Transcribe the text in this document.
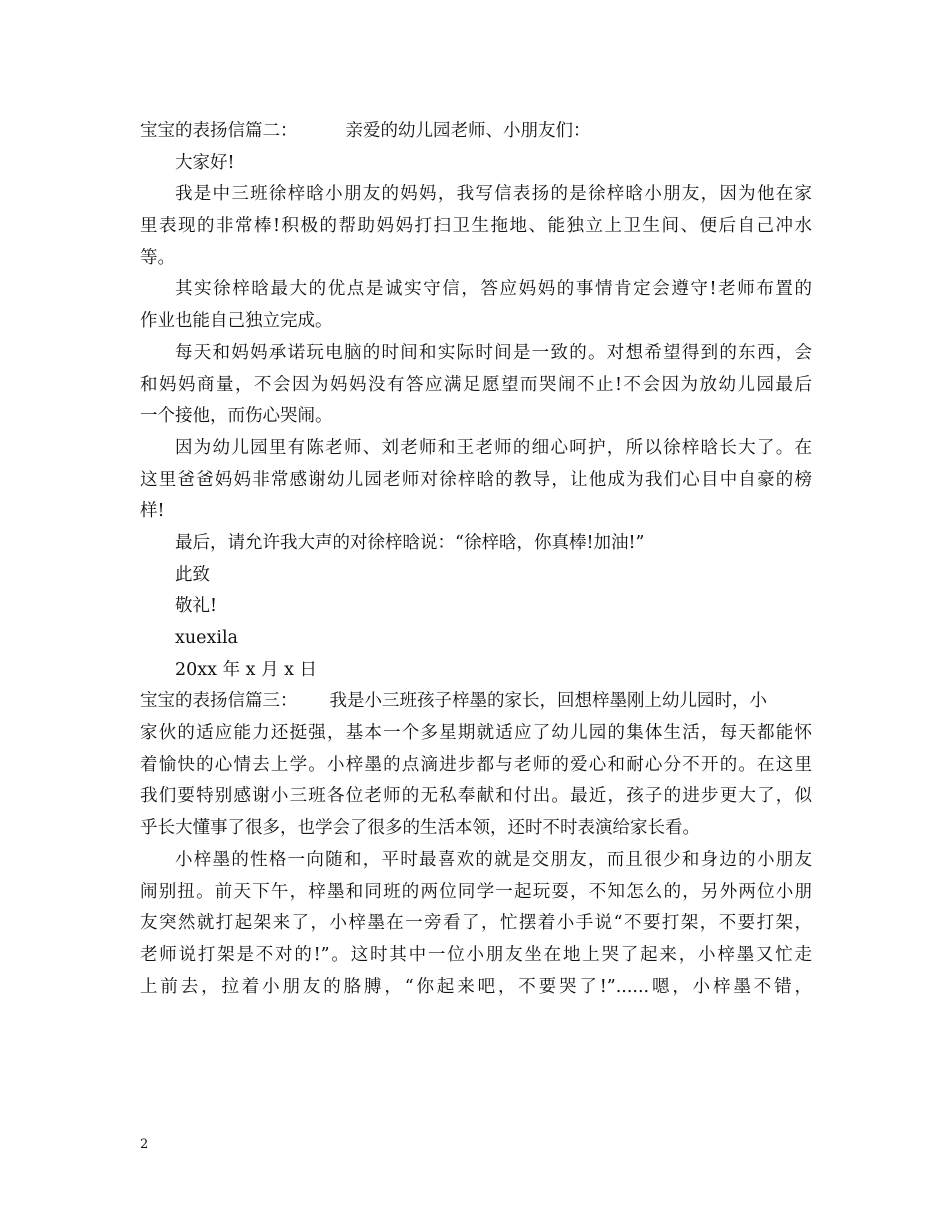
宝宝的表扬信篇二：	亲爱的幼儿园老师、小朋友们：
大家好!
我是中三班徐梓晗小朋友的妈妈，我写信表扬的是徐梓晗小朋友，因为他在家
里表现的非常棒!积极的帮助妈妈打扫卫生拖地、能独立上卫生间、便后自己冲水
等。
其实徐梓晗最大的优点是诚实守信，答应妈妈的事情肯定会遵守!老师布置的
作业也能自己独立完成。
每天和妈妈承诺玩电脑的时间和实际时间是一致的。对想希望得到的东西，会
和妈妈商量，不会因为妈妈没有答应满足愿望而哭闹不止!不会因为放幼儿园最后
一个接他，而伤心哭闹。
因为幼儿园里有陈老师、刘老师和王老师的细心呵护，所以徐梓晗长大了。在
这里爸爸妈妈非常感谢幼儿园老师对徐梓晗的教导，让他成为我们心目中自豪的榜
样!
最后，请允许我大声的对徐梓晗说：“徐梓晗，你真棒!加油!”
此致
敬礼!
xuexila
20xx 年 x 月 x 日
宝宝的表扬信篇三： 我是小三班孩子梓墨的家长，回想梓墨刚上幼儿园时，小
家伙的适应能力还挺强，基本一个多星期就适应了幼儿园的集体生活，每天都能怀
着愉快的心情去上学。小梓墨的点滴进步都与老师的爱心和耐心分不开的。在这里
我们要特别感谢小三班各位老师的无私奉献和付出。最近，孩子的进步更大了，似
乎长大懂事了很多，也学会了很多的生活本领，还时不时表演给家长看。
小梓墨的性格一向随和，平时最喜欢的就是交朋友，而且很少和身边的小朋友
闹别扭。前天下午，梓墨和同班的两位同学一起玩耍，不知怎么的，另外两位小朋
友突然就打起架来了，小梓墨在一旁看了，忙摆着小手说“不要打架，不要打架，
老师说打架是不对的!”。这时其中一位小朋友坐在地上哭了起来，小梓墨又忙走
上前去，拉着小朋友的胳膊，“你起来吧，不要哭了!”......嗯，小梓墨不错，
2
